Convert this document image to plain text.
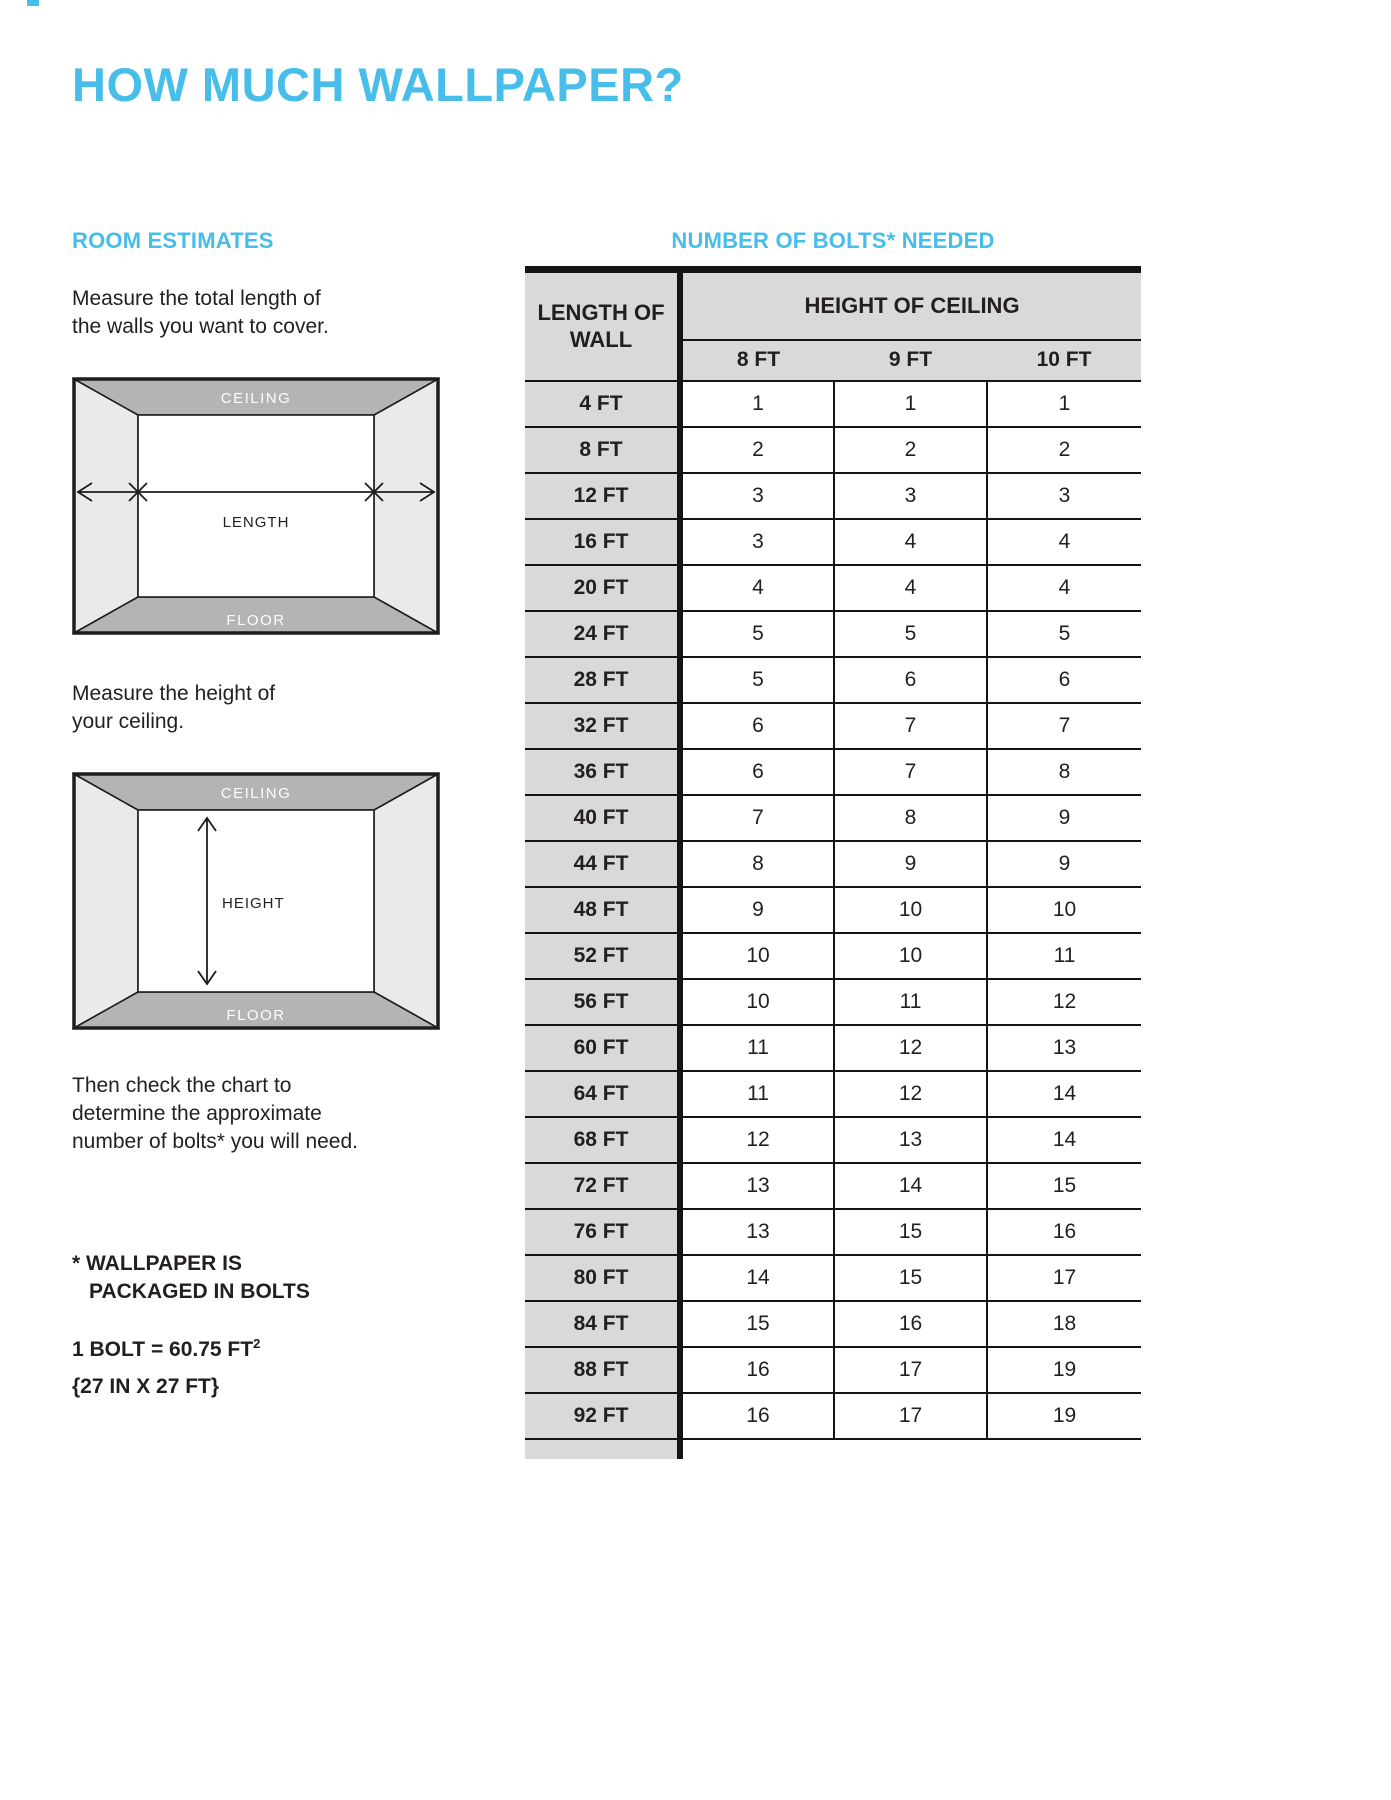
HOW MUCH WALLPAPER?
ROOM ESTIMATES
Measure the total length of
the walls you want to cover.
CEILING
FLOOR
LENGTH
Measure the height of
your ceiling.
CEILING
FLOOR
HEIGHT
Then check the chart to
determine the approximate
number of bolts* you will need.
* WALLPAPER IS
PACKAGED IN BOLTS
1 BOLT = 60.75 $FT^2$
{27 IN X 27 FT}
NUMBER OF BOLTS* NEEDED
LENGTH OF WALL	HEIGHT OF CEILING		
	8 FT	9 FT	10 FT
4 FT	1	1	1
8 FT	2	2	2
12 FT	3	3	3
16 FT	3	4	4
20 FT	4	4	4
24 FT	5	5	5
28 FT	5	6	6
32 FT	6	7	7
36 FT	6	7	8
40 FT	7	8	9
44 FT	8	9	9
48 FT	9	10	10
52 FT	10	10	11
56 FT	10	11	12
60 FT	11	12	13
64 FT	11	12	14
68 FT	12	13	14
72 FT	13	14	15
76 FT	13	15	16
80 FT	14	15	17
84 FT	15	16	18
88 FT	16	17	19
92 FT	16	17	19
